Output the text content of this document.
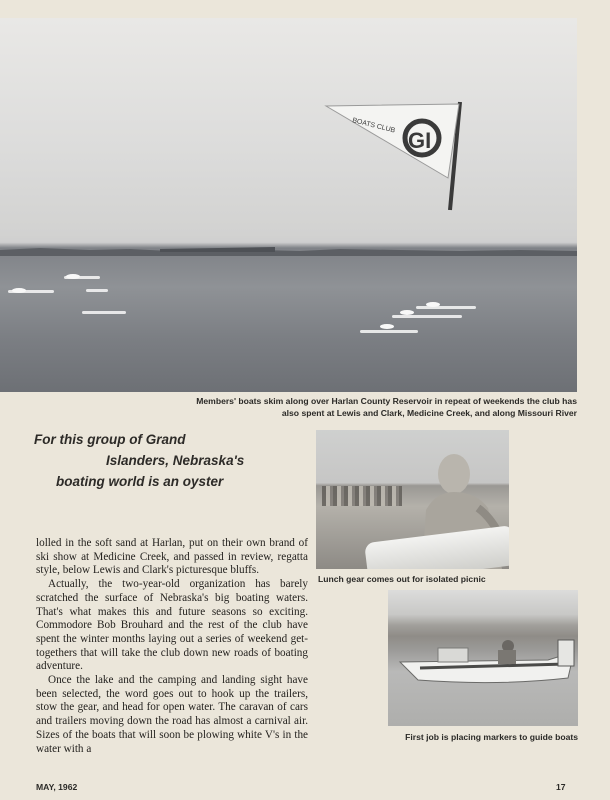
BOATS CLUB
GI
Members' boats skim along over Harlan County Reservoir in repeat of weekends the club has also spent at Lewis and Clark, Medicine Creek, and along Missouri River
For this group of Grand
Islanders, Nebraska's
boating world is an oyster

lolled in the soft sand at Harlan, put on their own brand of ski show at Medicine Creek, and passed in review, regatta style, below Lewis and Clark's picturesque bluffs.

Actually, the two-year-old organization has barely scratched the surface of Nebraska's big boating waters. That's what makes this and future seasons so exciting. Commodore Bob Brouhard and the rest of the club have spent the winter months laying out a series of weekend get-togethers that will take the club down new roads of boating adventure.

Once the lake and the camping and landing sight have been selected, the word goes out to hook up the trailers, stow the gear, and head for open water. The caravan of cars and trailers moving down the road has almost a carnival air. Sizes of the boats that will soon be plowing white V's in the water with a

Lunch gear comes out for isolated picnic
First job is placing markers to guide boats
MAY, 1962	17
